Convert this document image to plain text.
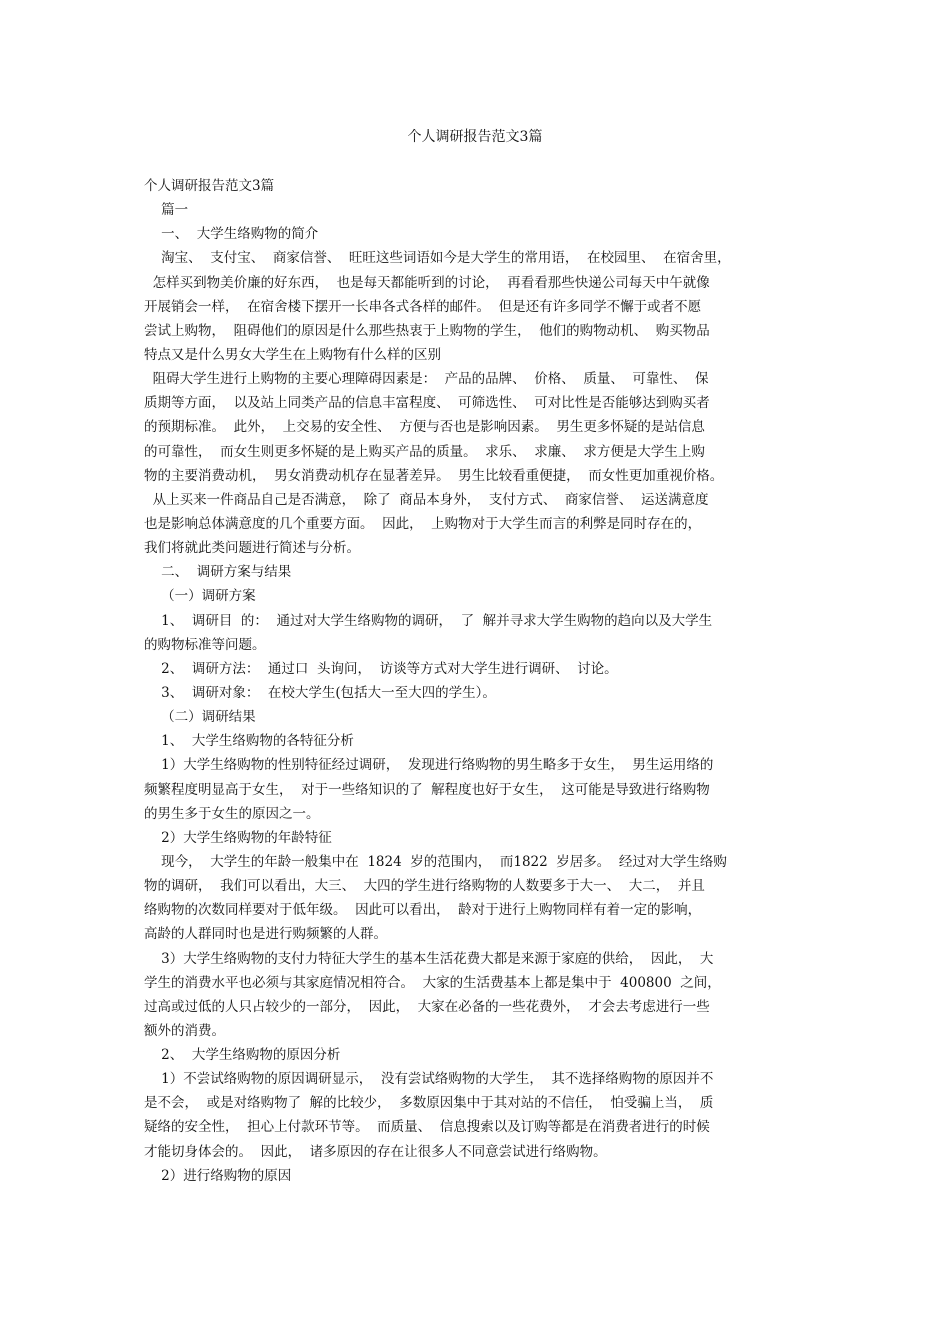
个人调研报告范文3篇
个人调研报告范文3篇
篇一
一、  大学生络购物的简介
淘宝、  支付宝、  商家信誉、  旺旺这些词语如今是大学生的常用语，  在校园里、  在宿舍里，
怎样买到物美价廉的好东西，  也是每天都能听到的讨论，  再看看那些快递公司每天中午就像
开展销会一样，  在宿舍楼下摆开一长串各式各样的邮件。  但是还有许多同学不懈于或者不愿
尝试上购物，  阻碍他们的原因是什么那些热衷于上购物的学生，  他们的购物动机、  购买物品
特点又是什么男女大学生在上购物有什么样的区别
阻碍大学生进行上购物的主要心理障碍因素是：  产品的品牌、  价格、  质量、  可靠性、  保
质期等方面，  以及站上同类产品的信息丰富程度、  可筛选性、  可对比性是否能够达到购买者
的预期标准。  此外，  上交易的安全性、  方便与否也是影响因素。  男生更多怀疑的是站信息
的可靠性，  而女生则更多怀疑的是上购买产品的质量。  求乐、  求廉、  求方便是大学生上购
物的主要消费动机，  男女消费动机存在显著差异。  男生比较看重便捷，  而女性更加重视价格。
从上买来一件商品自己是否满意，  除了  商品本身外，  支付方式、  商家信誉、  运送满意度
也是影响总体满意度的几个重要方面。  因此，  上购物对于大学生而言的利弊是同时存在的，
我们将就此类问题进行简述与分析。
二、  调研方案与结果
（一）调研方案
1、  调研目  的：  通过对大学生络购物的调研，  了  解并寻求大学生购物的趋向以及大学生
的购物标准等问题。
2、  调研方法：  通过口  头询问，  访谈等方式对大学生进行调研、  讨论。
3、  调研对象：  在校大学生(包括大一至大四的学生）。
（二）调研结果
1、  大学生络购物的各特征分析
1）大学生络购物的性别特征经过调研，  发现进行络购物的男生略多于女生，  男生运用络的
频繁程度明显高于女生，  对于一些络知识的了  解程度也好于女生，  这可能是导致进行络购物
的男生多于女生的原因之一。
2）大学生络购物的年龄特征
现今，  大学生的年龄一般集中在  1824  岁的范围内，  而1822  岁居多。  经过对大学生络购
物的调研，  我们可以看出，大三、  大四的学生进行络购物的人数要多于大一、  大二，  并且
络购物的次数同样要对于低年级。  因此可以看出，  龄对于进行上购物同样有着一定的影响，
高龄的人群同时也是进行购频繁的人群。
3）大学生络购物的支付力特征大学生的基本生活花费大都是来源于家庭的供给，  因此，  大
学生的消费水平也必须与其家庭情况相符合。  大家的生活费基本上都是集中于  400800  之间，
过高或过低的人只占较少的一部分，  因此，  大家在必备的一些花费外，  才会去考虑进行一些
额外的消费。
2、  大学生络购物的原因分析
1）不尝试络购物的原因调研显示，  没有尝试络购物的大学生，  其不选择络购物的原因并不
是不会，  或是对络购物了  解的比较少，  多数原因集中于其对站的不信任，  怕受骗上当，  质
疑络的安全性，  担心上付款环节等。  而质量、  信息搜索以及订购等都是在消费者进行的时候
才能切身体会的。  因此，  诸多原因的存在让很多人不同意尝试进行络购物。
2）进行络购物的原因
